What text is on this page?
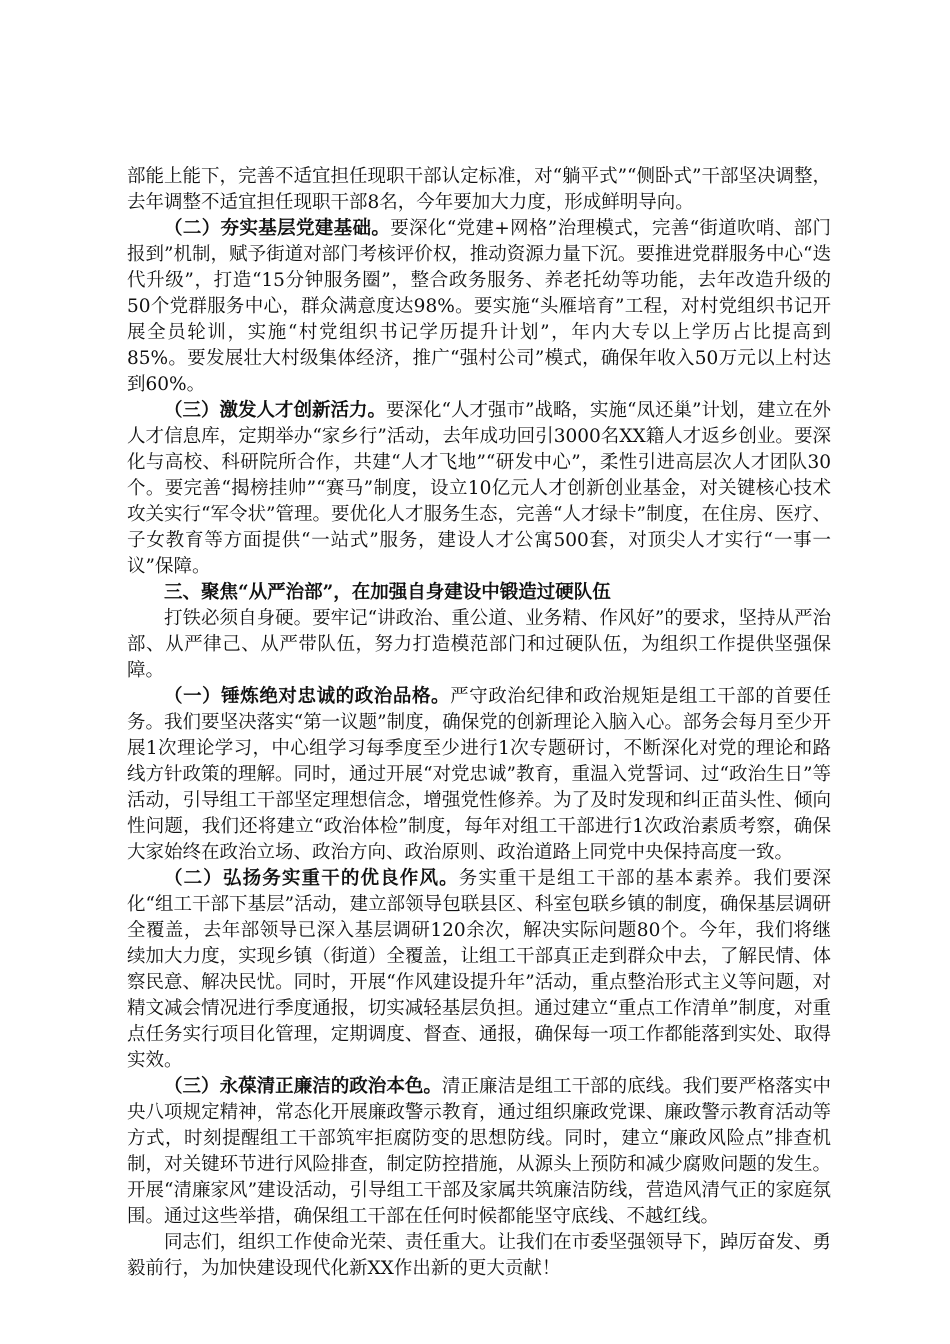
部能上能下，完善不适宜担任现职干部认定标准，对“躺平式”“侧卧式”干部坚决调整，去年调整不适宜担任现职干部8名，今年要加大力度，形成鲜明导向。

（二）夯实基层党建基础。要深化“党建+网格”治理模式，完善“街道吹哨、部门报到”机制，赋予街道对部门考核评价权，推动资源力量下沉。要推进党群服务中心“迭代升级”，打造“15分钟服务圈”，整合政务服务、养老托幼等功能，去年改造升级的50个党群服务中心，群众满意度达98%。要实施“头雁培育”工程，对村党组织书记开展全员轮训，实施“村党组织书记学历提升计划”，年内大专以上学历占比提高到85%。要发展壮大村级集体经济，推广“强村公司”模式，确保年收入50万元以上村达到60%。

（三）激发人才创新活力。要深化“人才强市”战略，实施“凤还巢”计划，建立在外人才信息库，定期举办“家乡行”活动，去年成功回引3000名XX籍人才返乡创业。要深化与高校、科研院所合作，共建“人才飞地”“研发中心”，柔性引进高层次人才团队30个。要完善“揭榜挂帅”“赛马”制度，设立10亿元人才创新创业基金，对关键核心技术攻关实行“军令状”管理。要优化人才服务生态，完善“人才绿卡”制度，在住房、医疗、子女教育等方面提供“一站式”服务，建设人才公寓500套，对顶尖人才实行“一事一议”保障。

三、聚焦“从严治部”，在加强自身建设中锻造过硬队伍

打铁必须自身硬。要牢记“讲政治、重公道、业务精、作风好”的要求，坚持从严治部、从严律己、从严带队伍，努力打造模范部门和过硬队伍，为组织工作提供坚强保障。

（一）锤炼绝对忠诚的政治品格。严守政治纪律和政治规矩是组工干部的首要任务。我们要坚决落实“第一议题”制度，确保党的创新理论入脑入心。部务会每月至少开展1次理论学习，中心组学习每季度至少进行1次专题研讨，不断深化对党的理论和路线方针政策的理解。同时，通过开展“对党忠诚”教育，重温入党誓词、过“政治生日”等活动，引导组工干部坚定理想信念，增强党性修养。为了及时发现和纠正苗头性、倾向性问题，我们还将建立“政治体检”制度，每年对组工干部进行1次政治素质考察，确保大家始终在政治立场、政治方向、政治原则、政治道路上同党中央保持高度一致。

（二）弘扬务实重干的优良作风。务实重干是组工干部的基本素养。我们要深化“组工干部下基层”活动，建立部领导包联县区、科室包联乡镇的制度，确保基层调研全覆盖，去年部领导已深入基层调研120余次，解决实际问题80个。今年，我们将继续加大力度，实现乡镇（街道）全覆盖，让组工干部真正走到群众中去，了解民情、体察民意、解决民忧。同时，开展“作风建设提升年”活动，重点整治形式主义等问题，对精文减会情况进行季度通报，切实减轻基层负担。通过建立“重点工作清单”制度，对重点任务实行项目化管理，定期调度、督查、通报，确保每一项工作都能落到实处、取得实效。

（三）永葆清正廉洁的政治本色。清正廉洁是组工干部的底线。我们要严格落实中央八项规定精神，常态化开展廉政警示教育，通过组织廉政党课、廉政警示教育活动等方式，时刻提醒组工干部筑牢拒腐防变的思想防线。同时，建立“廉政风险点”排查机制，对关键环节进行风险排查，制定防控措施，从源头上预防和减少腐败问题的发生。开展“清廉家风”建设活动，引导组工干部及家属共筑廉洁防线，营造风清气正的家庭氛围。通过这些举措，确保组工干部在任何时候都能坚守底线、不越红线。

同志们，组织工作使命光荣、责任重大。让我们在市委坚强领导下，踔厉奋发、勇毅前行，为加快建设现代化新XX作出新的更大贡献！
